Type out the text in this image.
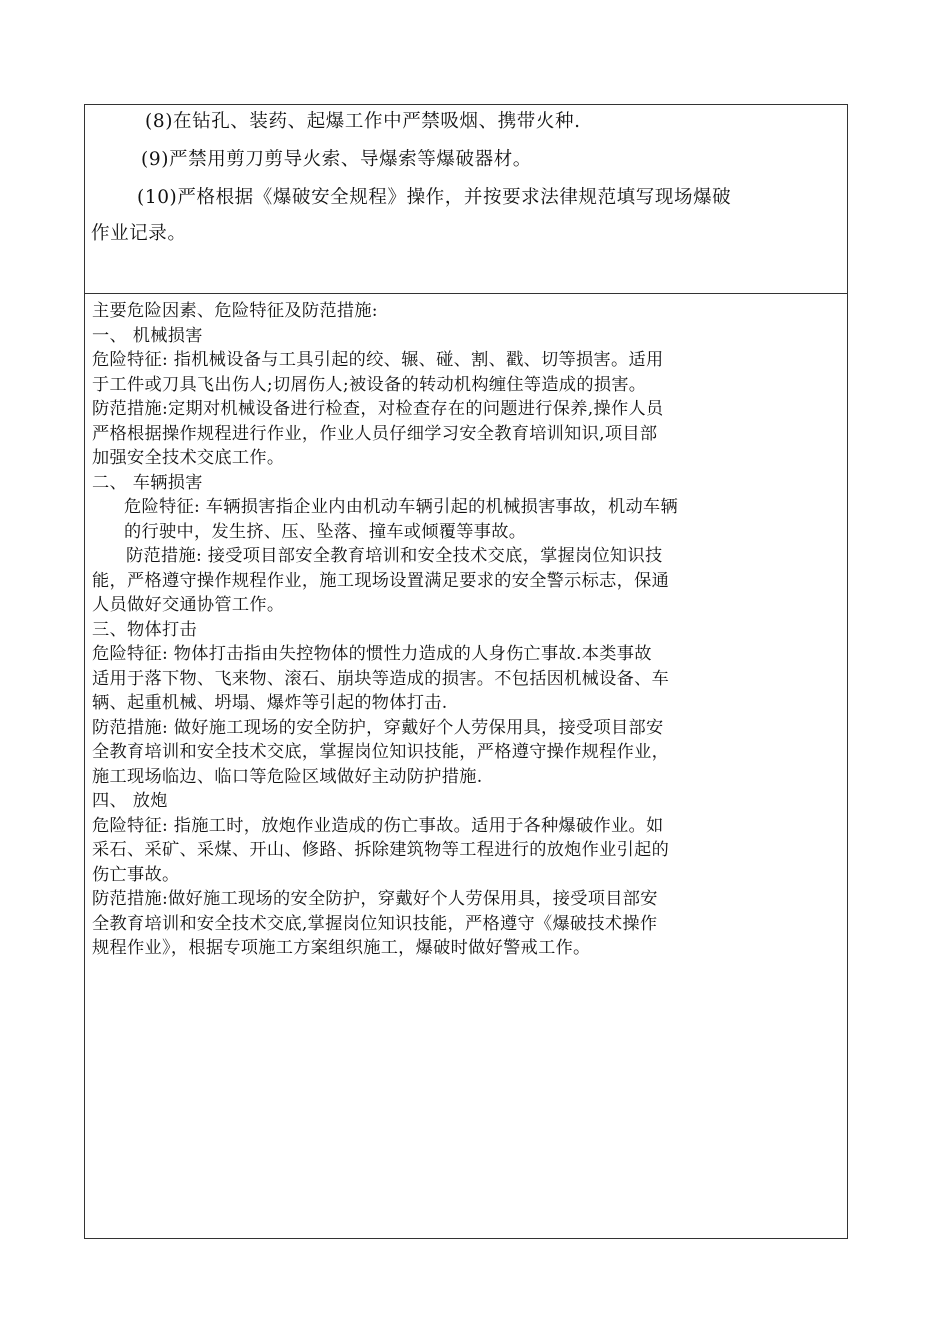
(8)在钻孔、装药、起爆工作中严禁吸烟、携带火种.
(9)严禁用剪刀剪导火索、导爆索等爆破器材。
(10)严格根据《爆破安全规程》操作，并按要求法律规范填写现场爆破
作业记录。
主要危险因素、危险特征及防范措施:
一、 机械损害
危险特征: 指机械设备与工具引起的绞、辗、碰、割、戳、切等损害。适用
于工件或刀具飞出伤人;切屑伤人;被设备的转动机构缠住等造成的损害。
防范措施:定期对机械设备进行检查，对检查存在的问题进行保养,操作人员
严格根据操作规程进行作业，作业人员仔细学习安全教育培训知识,项目部
加强安全技术交底工作。
二、 车辆损害
危险特征: 车辆损害指企业内由机动车辆引起的机械损害事故，机动车辆
的行驶中，发生挤、压、坠落、撞车或倾覆等事故。
防范措施: 接受项目部安全教育培训和安全技术交底，掌握岗位知识技
能，严格遵守操作规程作业，施工现场设置满足要求的安全警示标志，保通
人员做好交通协管工作。
三、物体打击
危险特征: 物体打击指由失控物体的惯性力造成的人身伤亡事故.本类事故
适用于落下物、飞来物、滚石、崩块等造成的损害。不包括因机械设备、车
辆、起重机械、坍塌、爆炸等引起的物体打击.
防范措施: 做好施工现场的安全防护，穿戴好个人劳保用具，接受项目部安
全教育培训和安全技术交底，掌握岗位知识技能，严格遵守操作规程作业，
施工现场临边、临口等危险区域做好主动防护措施.
四、 放炮
危险特征: 指施工时，放炮作业造成的伤亡事故。适用于各种爆破作业。如
采石、采矿、采煤、开山、修路、拆除建筑物等工程进行的放炮作业引起的
伤亡事故。
防范措施:做好施工现场的安全防护，穿戴好个人劳保用具，接受项目部安
全教育培训和安全技术交底,掌握岗位知识技能，严格遵守《爆破技术操作
规程作业》，根据专项施工方案组织施工，爆破时做好警戒工作。
